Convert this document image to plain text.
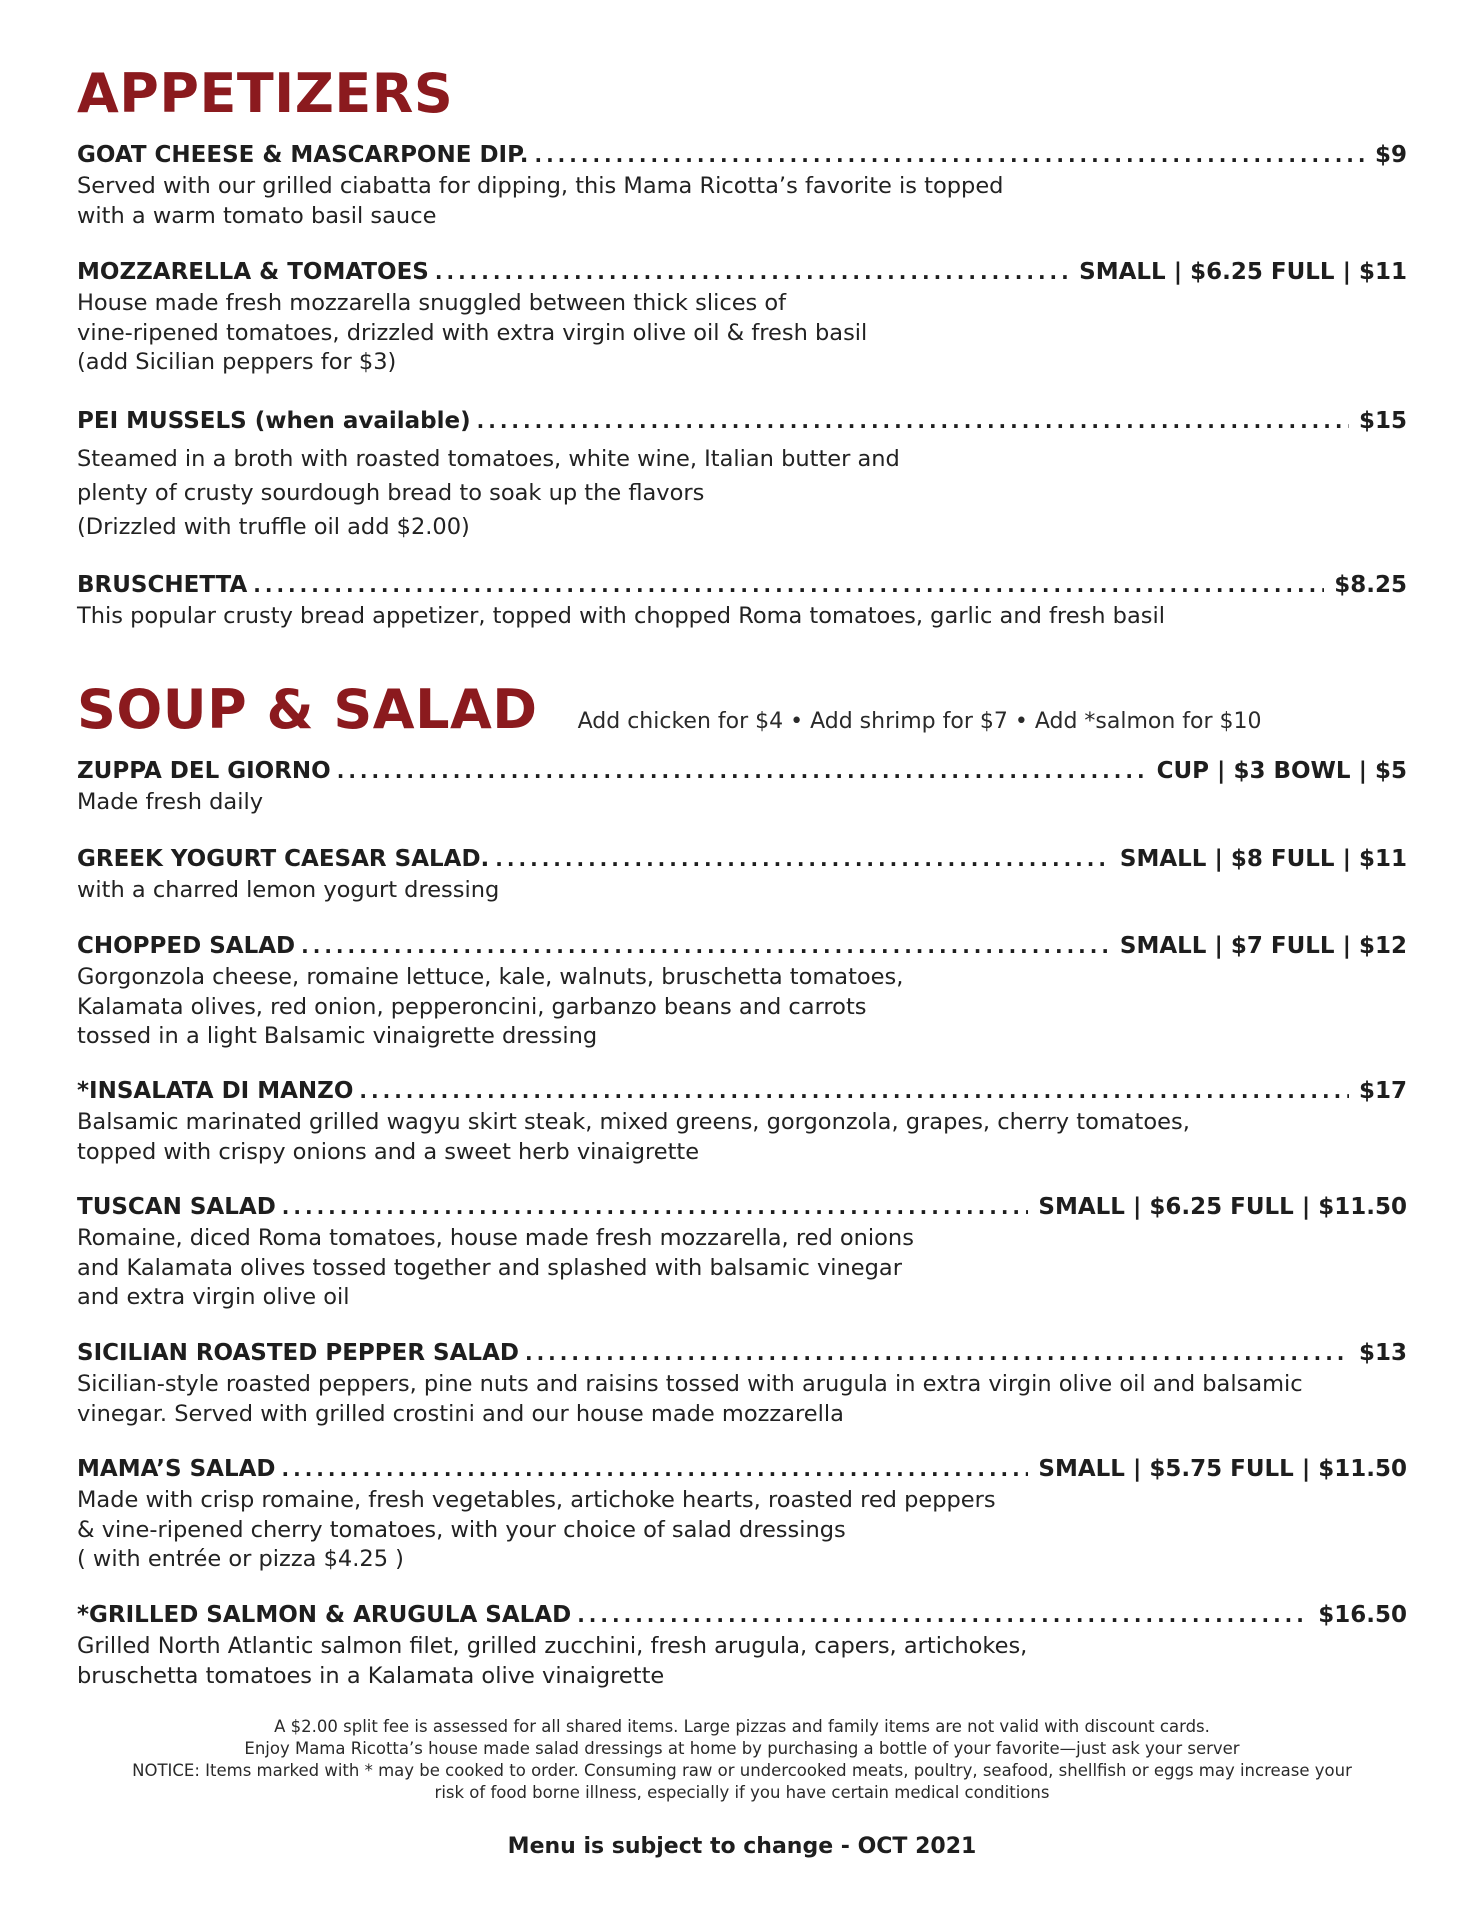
APPETIZERS
GOAT CHEESE & MASCARPONE DIP. .....	$9

Served with our grilled ciabatta for dipping, this Mama Ricotta’s favorite is topped
with a warm tomato basil sauce

MOZZARELLA & TOMATOES .....	SMALL | $6.25 FULL | $11

House made fresh mozzarella snuggled between thick slices of
vine-ripened tomatoes, drizzled with extra virgin olive oil & fresh basil
(add Sicilian peppers for $3)

PEI MUSSELS (when available) .....	$15

Steamed in a broth with roasted tomatoes, white wine, Italian butter and
plenty of crusty sourdough bread to soak up the flavors
(Drizzled with truffle oil add $2.00)

BRUSCHETTA .....	$8.25

This popular crusty bread appetizer, topped with chopped Roma tomatoes, garlic and fresh basil

SOUP & SALAD Add chicken for $4 • Add shrimp for $7 • Add *salmon for $10
ZUPPA DEL GIORNO .....	CUP | $3 BOWL | $5

Made fresh daily

GREEK YOGURT CAESAR SALAD. .....	SMALL | $8 FULL | $11

with a charred lemon yogurt dressing

CHOPPED SALAD .....	SMALL | $7 FULL | $12

Gorgonzola cheese, romaine lettuce, kale, walnuts, bruschetta tomatoes,
Kalamata olives, red onion, pepperoncini, garbanzo beans and carrots
tossed in a light Balsamic vinaigrette dressing

*INSALATA DI MANZO .....	$17

Balsamic marinated grilled wagyu skirt steak, mixed greens, gorgonzola, grapes, cherry tomatoes,
topped with crispy onions and a sweet herb vinaigrette

TUSCAN SALAD .....	SMALL | $6.25 FULL | $11.50

Romaine, diced Roma tomatoes, house made fresh mozzarella, red onions
and Kalamata olives tossed together and splashed with balsamic vinegar
and extra virgin olive oil

SICILIAN ROASTED PEPPER SALAD .....	$13

Sicilian-style roasted peppers, pine nuts and raisins tossed with arugula in extra virgin olive oil and balsamic
vinegar. Served with grilled crostini and our house made mozzarella

MAMA’S SALAD .....	SMALL | $5.75 FULL | $11.50

Made with crisp romaine, fresh vegetables, artichoke hearts, roasted red peppers
& vine-ripened cherry tomatoes, with your choice of salad dressings
( with entrée or pizza $4.25 )

*GRILLED SALMON & ARUGULA SALAD .....	$16.50

Grilled North Atlantic salmon filet, grilled zucchini, fresh arugula, capers, artichokes,
bruschetta tomatoes in a Kalamata olive vinaigrette

A $2.00 split fee is assessed for all shared items. Large pizzas and family items are not valid with discount cards.

Enjoy Mama Ricotta’s house made salad dressings at home by purchasing a bottle of your favorite—just ask your server

NOTICE: Items marked with * may be cooked to order. Consuming raw or undercooked meats, poultry, seafood, shellfish or eggs may increase your

risk of food borne illness, especially if you have certain medical conditions

Menu is subject to change - OCT 2021
